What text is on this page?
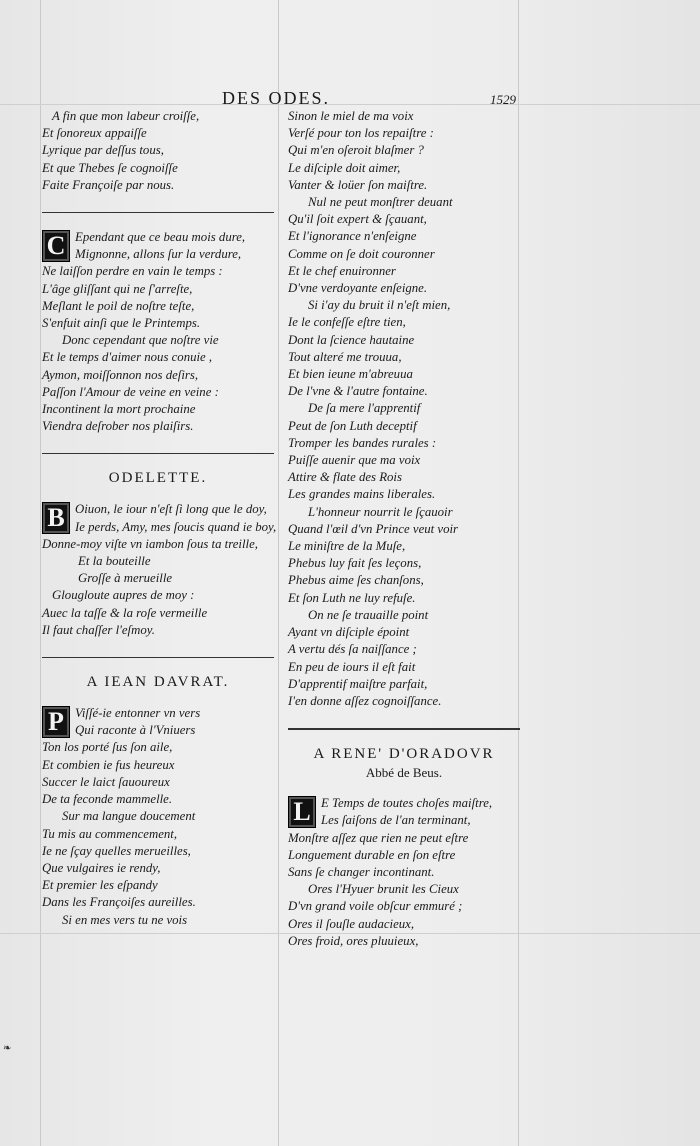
DES ODES.	1529
A fin que mon labeur croiſſe,
Et ſonoreux appaiſſe
Lyrique par deſſus tous,
Et que Thebes ſe cognoiſſe
Faite Françoiſe par nous.
C Ependant que ce beau mois dure,
Mignonne, allons ſur la verdure,
Ne laiſſon perdre en vain le temps :
L'âge gliſſant qui ne ſ'arreſte,
Meſlant le poil de noſtre teſte,
S'enfuit ainſi que le Printemps.
Donc cependant que noſtre vie
Et le temps d'aimer nous conuie ,
Aymon, moiſſonnon nos deſirs,
Paſſon l'Amour de veine en veine :
Incontinent la mort prochaine
Viendra deſrober nos plaiſirs.
ODELETTE.
B Oiuon, le iour n'eſt ſi long que le doy,
Ie perds, Amy, mes ſoucis quand ie boy,
Donne-moy viſte vn iambon ſous ta treille,
Et la bouteille
Groſſe à merueille
Glougloute aupres de moy :
Auec la taſſe & la roſe vermeille
Il faut chaſſer l'eſmoy.
A IEAN DAVRAT.
P Viſſé-ie entonner vn vers
Qui raconte à l'Vniuers
Ton los porté ſus ſon aile,
Et combien ie fus heureux
Succer le laict ſauoureux
De ta feconde mammelle.
Sur ma langue doucement
Tu mis au commencement,
Ie ne ſçay quelles merueilles,
Que vulgaires ie rendy,
Et premier les eſpandy
Dans les Françoiſes aureilles.
Si en mes vers tu ne vois
Sinon le miel de ma voix
Verſé pour ton los repaiſtre :
Qui m'en oſeroit blaſmer ?
Le diſciple doit aimer,
Vanter & loüer ſon maiſtre.
Nul ne peut monſtrer deuant
Qu'il ſoit expert & ſçauant,
Et l'ignorance n'enſeigne
Comme on ſe doit couronner
Et le chef enuironner
D'vne verdoyante enſeigne.
Si i'ay du bruit il n'eſt mien,
Ie le confeſſe eſtre tien,
Dont la ſcience hautaine
Tout alteré me trouua,
Et bien ieune m'abreuua
De l'vne & l'autre fontaine.
De ſa mere l'apprentif
Peut de ſon Luth deceptif
Tromper les bandes rurales :
Puiſſe auenir que ma voix
Attire & flate des Rois
Les grandes mains liberales.
L'honneur nourrit le ſçauoir
Quand l'œil d'vn Prince veut voir
Le miniſtre de la Muſe,
Phebus luy fait ſes leçons,
Phebus aime ſes chanſons,
Et ſon Luth ne luy refuſe.
On ne ſe trauaille point
Ayant vn diſciple époint
A vertu dés ſa naiſſance ;
En peu de iours il eſt fait
D'apprentif maiſtre parfait,
I'en donne aſſez cognoiſſance.
A RENE' D'ORADOVR
Abbé de Beus.
L E Temps de toutes choſes maiſtre,
Les ſaiſons de l'an terminant,
Monſtre aſſez que rien ne peut eſtre
Longuement durable en ſon eſtre
Sans ſe changer incontinant.
Ores l'Hyuer brunit les Cieux
D'vn grand voile obſcur emmuré ;
Ores il ſouſle audacieux,
Ores froid, ores pluuieux,
❧
